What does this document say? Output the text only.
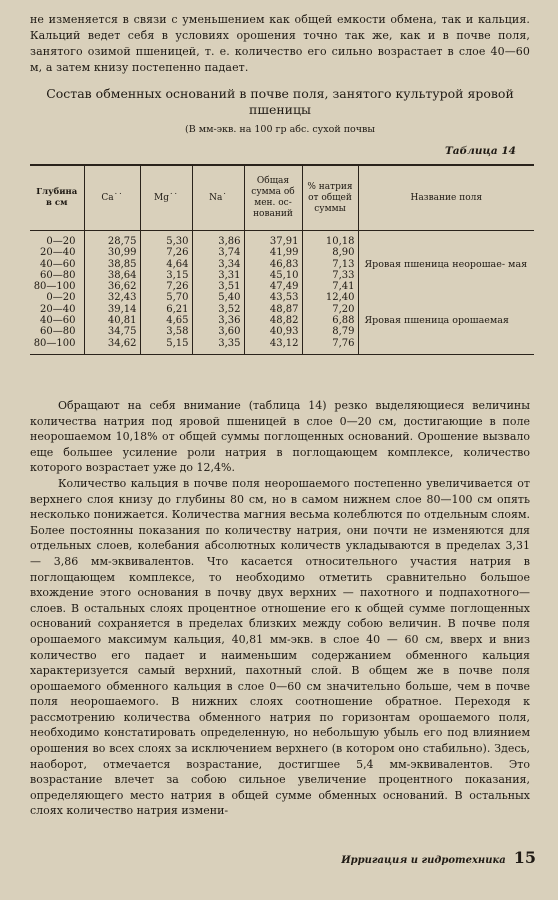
не изменяется в связи с уменьшением как общей емкости обмена, так и кальция. Кальций ведет себя в условиях орошения точно так же, как и в почве поля, занятого озимой пшеницей, т. е. количество его сильно возрастает в слое 40—60 м, а затем книзу постепенно падает.
Состав обменных оснований в почве поля, занятого культурой яровой пшеницы
(В мм-экв. на 100 гр абс. сухой почвы
Таблица 14
Глубина в см	Ca˙˙	Mg˙˙	Na˙	Общая сумма об мен. ос- нований	% натрия от общей суммы	Название поля

0—20	28,75	5,30	3,86	37,91	10,18	Яровая пшеница неорошае- мая
20—40	30,99	7,26	3,74	41,99	8,90	
40—60	38,85	4,64	3,34	46,83	7,13	
60—80	38,64	3,15	3,31	45,10	7,33	
80—100	36,62	7,26	3,51	47,49	7,41	
0—20	32,43	5,70	5,40	43,53	12,40	Яровая пшеница орошаемая
20—40	39,14	6,21	3,52	48,87	7,20	
40—60	40,81	4,65	3,36	48,82	6,88	
60—80	34,75	3,58	3,60	40,93	8,79	
80—100	34,62	5,15	3,35	43,12	7,76	

Обращают на себя внимание (таблица 14) резко выделяющиеся величины количества натрия под яровой пшеницей в слое 0—20 см, достигающие в поле неорошаемом 10,18% от общей суммы поглощенных оснований. Орошение вызвало еще большее усиление роли натрия в поглощающем комплексе, количество которого возрастает уже до 12,4%.

Количество кальция в почве поля неорошаемого постепенно увеличивается от верхнего слоя книзу до глубины 80 см, но в самом нижнем слое 80—100 см опять несколько понижается. Количества магния весьма колеблются по отдельным слоям. Более постоянны показания по количеству натрия, они почти не изменяются для отдельных слоев, колебания абсолютных количеств укладываются в пределах 3,31 — 3,86 мм-эквивалентов. Что касается относительного участия натрия в поглощающем комплексе, то необходимо отметить сравнительно большое вхождение этого основания в почву двух верхних — пахотного и подпахотного—слоев. В остальных слоях процентное отношение его к общей сумме поглощенных оснований сохраняется в пределах близких между собою величин. В почве поля орошаемого максимум кальция, 40,81 мм-экв. в слое 40 — 60 см, вверх и вниз количество его падает и наименьшим содержанием обменного кальция характеризуется самый верхний, пахотный слой. В общем же в почве поля орошаемого обменного кальция в слое 0—60 см значительно больше, чем в почве поля неорошаемого. В нижних слоях соотношение обратное. Переходя к рассмотрению количества обменного натрия по горизонтам орошаемого поля, необходимо констатировать определенную, но небольшую убыль его под влиянием орошения во всех слоях за исключением верхнего (в котором оно стабильно). Здесь, наоборот, отмечается возрастание, достигшее 5,4 мм-эквивалентов. Это возрастание влечет за собою сильное увеличение процентного показания, определяющего место натрия в общей сумме обменных оснований. В остальных слоях количество натрия измени-

Ирригация и гидротехника 15
